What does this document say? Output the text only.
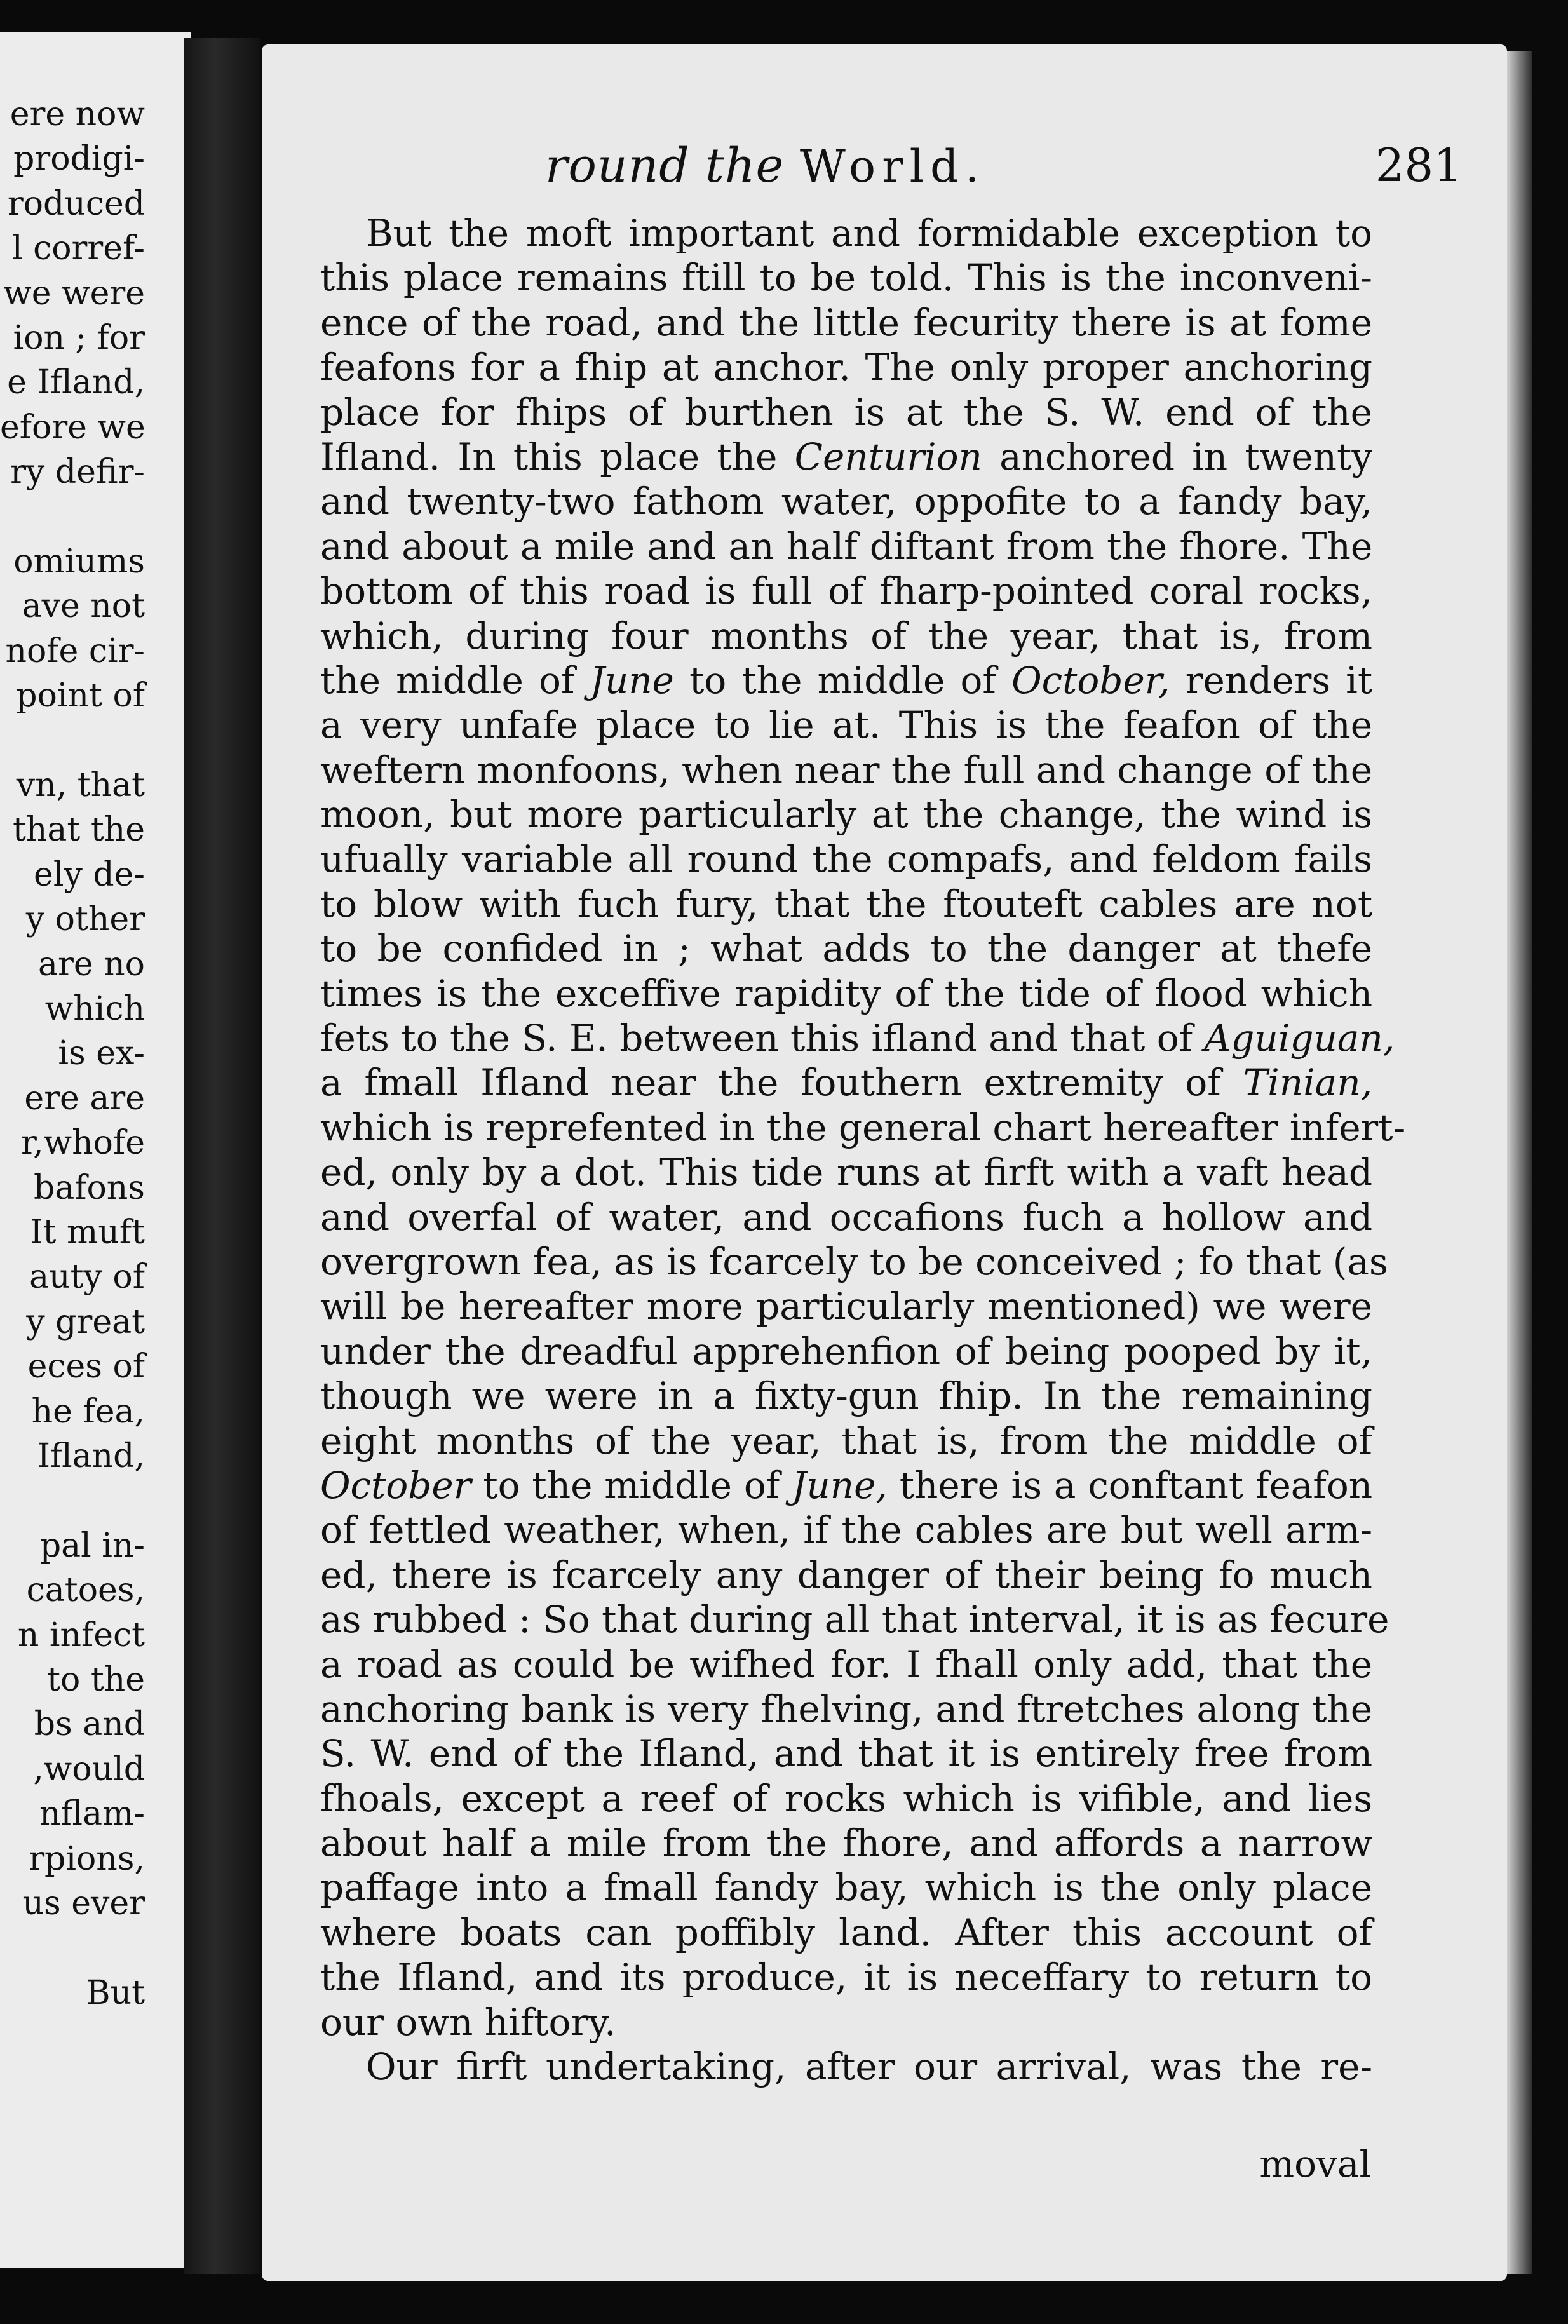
ere now
prodigi-
roduced
l corref-
we were
ion ; for
e Ifland,
efore we
ry defir-
omiums
ave not
nofe cir-
point of
vn, that
that the
ely de-
y other
are no
which
is ex-
ere are
r,whofe
bafons
It muft
auty of
y great
eces of
he fea,
Ifland,
pal in-
catoes,
n infect
to the
bs and
,would
nflam-
rpions,
us ever
But
round the World.	281
But the moft important and formidable exception to
this place remains ftill to be told. This is the inconveni-
ence of the road, and the little fecurity there is at fome
feafons for a fhip at anchor. The only proper anchoring
place for fhips of burthen is at the S. W. end of the
Ifland. In this place the Centurion anchored in twenty
and twenty-two fathom water, oppofite to a fandy bay,
and about a mile and an half diftant from the fhore. The
bottom of this road is full of fharp-pointed coral rocks,
which, during four months of the year, that is, from
the middle of June to the middle of October, renders it
a very unfafe place to lie at. This is the feafon of the
weftern monfoons, when near the full and change of the
moon, but more particularly at the change, the wind is
ufually variable all round the compafs, and feldom fails
to blow with fuch fury, that the ftouteft cables are not
to be confided in ; what adds to the danger at thefe
times is the exceffive rapidity of the tide of flood which
fets to the S. E. between this ifland and that of Aguiguan,
a fmall Ifland near the fouthern extremity of Tinian,
which is reprefented in the general chart hereafter infert-
ed, only by a dot. This tide runs at firft with a vaft head
and overfal of water, and occafions fuch a hollow and
overgrown fea, as is fcarcely to be conceived ; fo that (as
will be hereafter more particularly mentioned) we were
under the dreadful apprehenfion of being pooped by it,
though we were in a fixty-gun fhip. In the remaining
eight months of the year, that is, from the middle of
October to the middle of June, there is a conftant feafon
of fettled weather, when, if the cables are but well arm-
ed, there is fcarcely any danger of their being fo much
as rubbed : So that during all that interval, it is as fecure
a road as could be wifhed for. I fhall only add, that the
anchoring bank is very fhelving, and ftretches along the
S. W. end of the Ifland, and that it is entirely free from
fhoals, except a reef of rocks which is vifible, and lies
about half a mile from the fhore, and affords a narrow
paffage into a fmall fandy bay, which is the only place
where boats can poffibly land. After this account of
the Ifland, and its produce, it is neceffary to return to
our own hiftory.
Our firft undertaking, after our arrival, was the re-
moval
